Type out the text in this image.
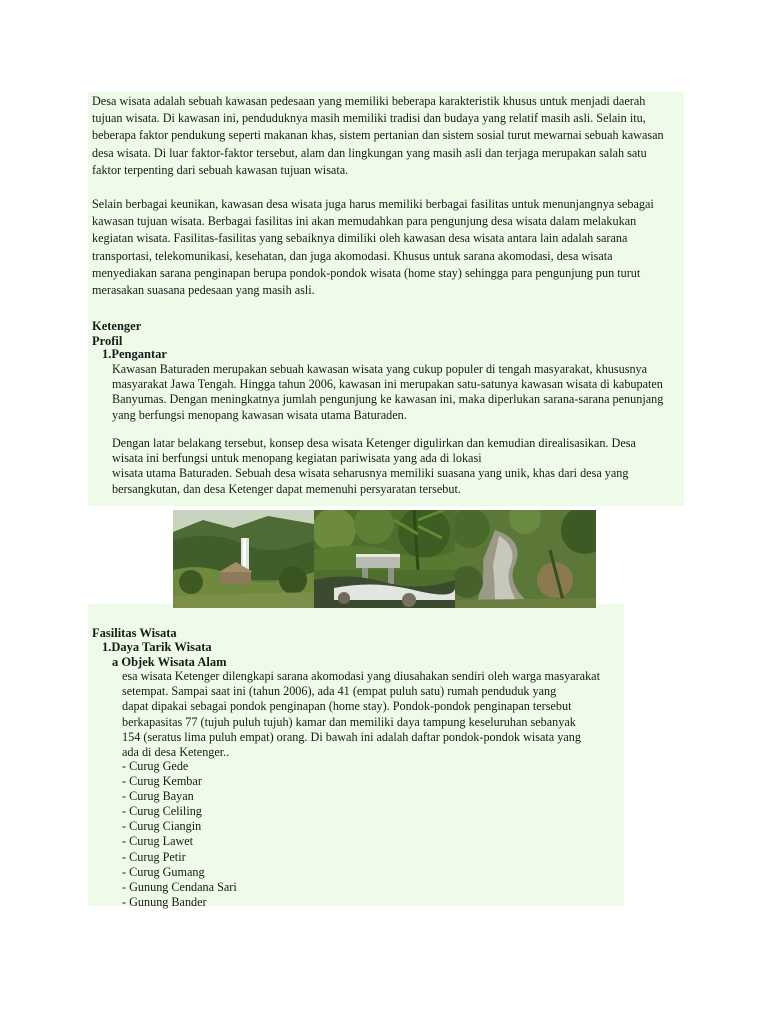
Desa wisata adalah sebuah kawasan pedesaan yang memiliki beberapa karakteristik khusus untuk menjadi daerah
tujuan wisata. Di kawasan ini, penduduknya masih memiliki tradisi dan budaya yang relatif masih asli. Selain itu,
beberapa faktor pendukung seperti makanan khas, sistem pertanian dan sistem sosial turut mewarnai sebuah kawasan
desa wisata. Di luar faktor-faktor tersebut, alam dan lingkungan yang masih asli dan terjaga merupakan salah satu
faktor terpenting dari sebuah kawasan tujuan wisata.
Selain berbagai keunikan, kawasan desa wisata juga harus memiliki berbagai fasilitas untuk menunjangnya sebagai
kawasan tujuan wisata. Berbagai fasilitas ini akan memudahkan para pengunjung desa wisata dalam melakukan
kegiatan wisata. Fasilitas-fasilitas yang sebaiknya dimiliki oleh kawasan desa wisata antara lain adalah sarana
transportasi, telekomunikasi, kesehatan, dan juga akomodasi. Khusus untuk sarana akomodasi, desa wisata
menyediakan sarana penginapan berupa pondok-pondok wisata (home stay) sehingga para pengunjung pun turut
merasakan suasana pedesaan yang masih asli.
Ketenger
Profil
1.Pengantar
Kawasan Baturaden merupakan sebuah kawasan wisata yang cukup populer di tengah masyarakat, khususnya
masyarakat Jawa Tengah. Hingga tahun 2006, kawasan ini merupakan satu-satunya kawasan wisata di kabupaten
Banyumas. Dengan meningkatnya jumlah pengunjung ke kawasan ini, maka diperlukan sarana-sarana penunjang
yang berfungsi menopang kawasan wisata utama Baturaden.
Dengan latar belakang tersebut, konsep desa wisata Ketenger digulirkan dan kemudian direalisasikan. Desa
wisata ini berfungsi untuk menopang kegiatan pariwisata yang ada di lokasi
wisata utama Baturaden. Sebuah desa wisata seharusnya memiliki suasana yang unik, khas dari desa yang
bersangkutan, dan desa Ketenger dapat memenuhi persyaratan tersebut.
Fasilitas Wisata
1.Daya Tarik Wisata
a Objek Wisata Alam
esa wisata Ketenger dilengkapi sarana akomodasi yang diusahakan sendiri oleh warga masyarakat
setempat. Sampai saat ini (tahun 2006), ada 41 (empat puluh satu) rumah penduduk yang
dapat dipakai sebagai pondok penginapan (home stay). Pondok-pondok penginapan tersebut
berkapasitas 77 (tujuh puluh tujuh) kamar dan memiliki daya tampung keseluruhan sebanyak
154 (seratus lima puluh empat) orang. Di bawah ini adalah daftar pondok-pondok wisata yang
ada di desa Ketenger..
- Curug Gede
- Curug Kembar
- Curug Bayan
- Curug Celiling
- Curug Ciangin
- Curug Lawet
- Curug Petir
- Curug Gumang
- Gunung Cendana Sari
- Gunung Bander
